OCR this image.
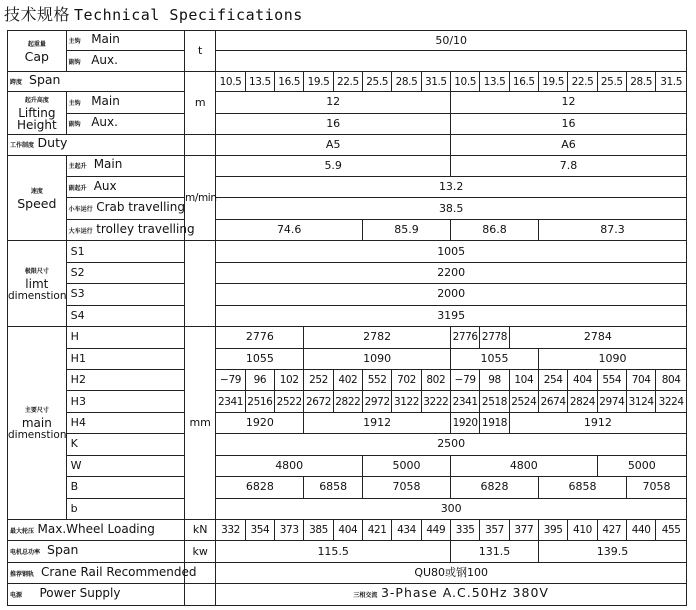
技术规格 Technical Specifications
起重量
Cap	主钩 Main	t	50/10															
	副钩 Aux.																	
跨度 Span		m	10.5	13.5	16.5	19.5	22.5	25.5	28.5	31.5	10.5	13.5	16.5	19.5	22.5	25.5	28.5	31.5

起升高度
Lifting
Height	主钩 Main		12								12							
	副钩 Aux.		16								16							
工作制度 Duty			A5								A6							

速度
Speed	主起升 Main	m/min	5.9								7.8							
	副起升 Aux		13.2															
	小车运行 Crab travelling		38.5															
	大车运行 trolley travelling		74.6					85.9			86.8			87.3				

极限尺寸
limt
dimenstion	S1		1005															
	S2		2200															
	S3		2000															
	S4		3195															

主要尺寸
main
dimenstion	H	mm	2776			2782					2776	2778	2784					
	H1		1055			1090					1055			1090				
	H2		−79	96	102	252	402	552	702	802	−79	98	104	254	404	554	704	804
	H3		2341	2516	2522	2672	2822	2972	3122	3222	2341	2518	2524	2674	2824	2974	3124	3224
	H4		1920			1912					1920	1918	1912					
	K		2500															
	W		4800					5000			4800					5000		
	B		6828			6858		7058			6828			6858			7058	
	b		300															
最大轮压 Max.Wheel Loading		kN	332	354	373	385	404	421	434	449	335	357	377	395	410	427	440	455
电机总功率 Span		kw	115.5								131.5			139.5				
推荐钢轨 Crane Rail Recommended			QU80或钢100															
电源 Power Supply			三相交流 3-Phase A.C.50Hz 380V															
